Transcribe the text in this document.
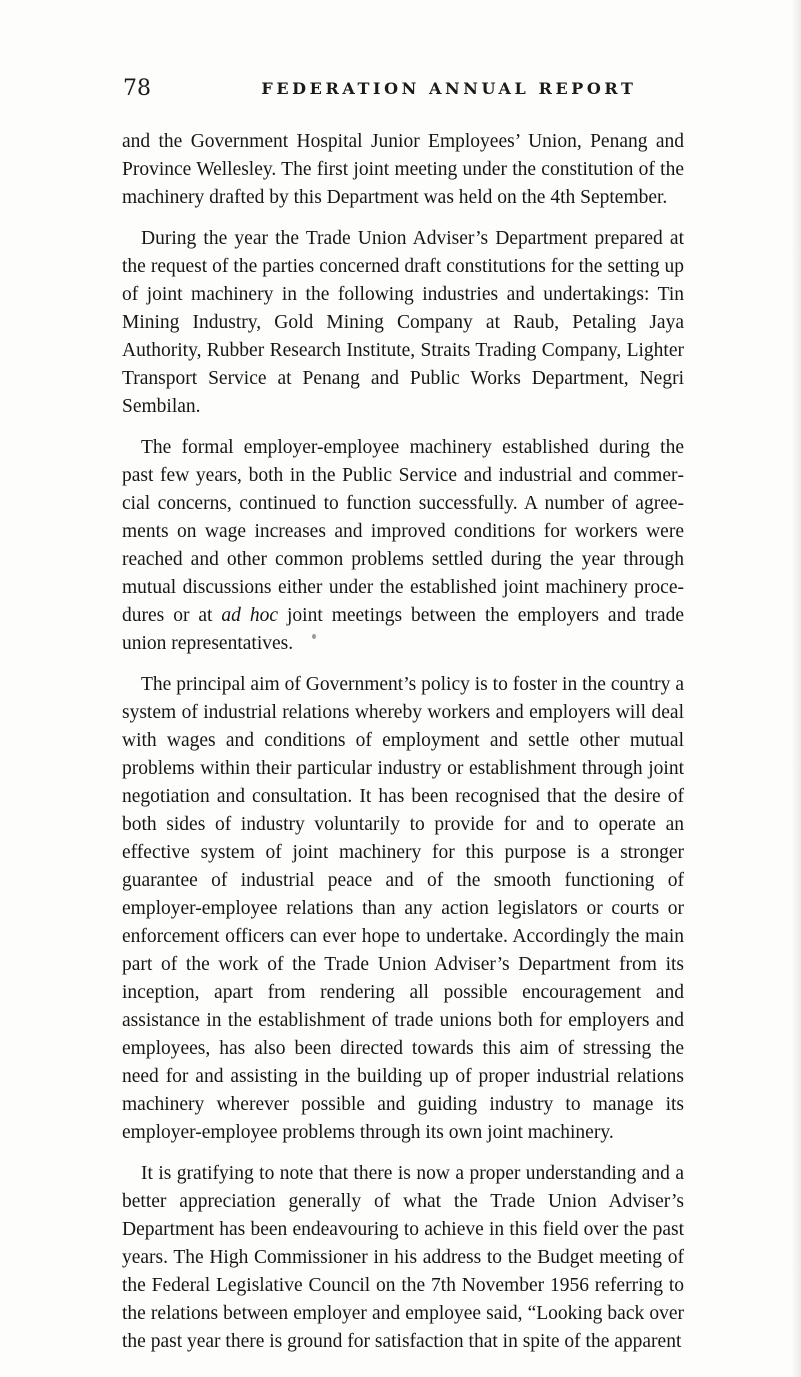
78	FEDERATION ANNUAL REPORT

and the Government Hospital Junior Employees’ Union, Penang and Province Wellesley. The first joint meeting under the constitution of the machinery drafted by this Department was held on the 4th September.

During the year the Trade Union Adviser’s Department prepared at the request of the parties concerned draft constitutions for the setting up of joint machinery in the following industries and undertakings: Tin Mining Industry, Gold Mining Company at Raub, Petaling Jaya Authority, Rubber Research Institute, Straits Trading Company, Lighter Transport Service at Penang and Public Works Department, Negri Sembilan.

The formal employer-employee machinery established during the past few years, both in the Public Service and industrial and commercial concerns, continued to function successfully. A number of agreements on wage increases and improved conditions for workers were reached and other common problems settled during the year through mutual discussions either under the established joint machinery procedures or at ad hoc joint meetings between the employers and trade union representatives.

The principal aim of Government’s policy is to foster in the country a system of industrial relations whereby workers and employers will deal with wages and conditions of employment and settle other mutual problems within their particular industry or establishment through joint negotiation and consultation. It has been recognised that the desire of both sides of industry voluntarily to provide for and to operate an effective system of joint machinery for this purpose is a stronger guarantee of industrial peace and of the smooth functioning of employer-employee relations than any action legislators or courts or enforcement officers can ever hope to undertake. Accordingly the main part of the work of the Trade Union Adviser’s Department from its inception, apart from rendering all possible encouragement and assistance in the establishment of trade unions both for employers and employees, has also been directed towards this aim of stressing the need for and assisting in the building up of proper industrial relations machinery wherever possible and guiding industry to manage its employer-employee problems through its own joint machinery.

It is gratifying to note that there is now a proper understanding and a better appreciation generally of what the Trade Union Adviser’s Department has been endeavouring to achieve in this field over the past years. The High Commissioner in his address to the Budget meeting of the Federal Legislative Council on the 7th November 1956 referring to the relations between employer and employee said, “Looking back over the past year there is ground for satisfaction that in spite of the apparent
